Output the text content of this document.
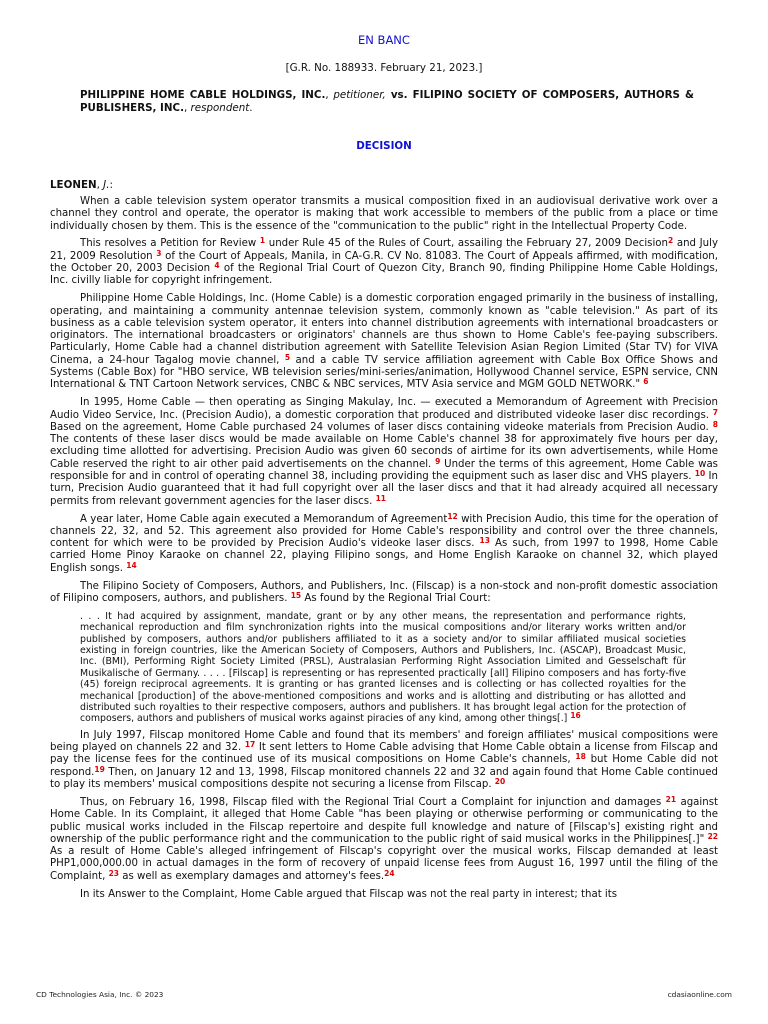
EN BANC
[G.R. No. 188933. February 21, 2023.]
PHILIPPINE HOME CABLE HOLDINGS, INC., petitioner, vs. FILIPINO SOCIETY OF COMPOSERS, AUTHORS & PUBLISHERS, INC., respondent.
DECISION
LEONEN, J.:

When a cable television system operator transmits a musical composition fixed in an audiovisual derivative work over a channel they control and operate, the operator is making that work accessible to members of the public from a place or time individually chosen by them. This is the essence of the "communication to the public" right in the Intellectual Property Code.

This resolves a Petition for Review $^1$ under Rule 45 of the Rules of Court, assailing the February 27, 2009 Decision$^2$ and July 21, 2009 Resolution $^3$ of the Court of Appeals, Manila, in CA-G.R. CV No. 81083. The Court of Appeals affirmed, with modification, the October 20, 2003 Decision $^4$ of the Regional Trial Court of Quezon City, Branch 90, finding Philippine Home Cable Holdings, Inc. civilly liable for copyright infringement.

Philippine Home Cable Holdings, Inc. (Home Cable) is a domestic corporation engaged primarily in the business of installing, operating, and maintaining a community antennae television system, commonly known as "cable television." As part of its business as a cable television system operator, it enters into channel distribution agreements with international broadcasters or originators. The international broadcasters or originators' channels are thus shown to Home Cable's fee-paying subscribers. Particularly, Home Cable had a channel distribution agreement with Satellite Television Asian Region Limited (Star TV) for VIVA Cinema, a 24-hour Tagalog movie channel, $^5$ and a cable TV service affiliation agreement with Cable Box Office Shows and Systems (Cable Box) for "HBO service, WB television series/mini-series/animation, Hollywood Channel service, ESPN service, CNN International & TNT Cartoon Network services, CNBC & NBC services, MTV Asia service and MGM GOLD NETWORK." $^6$

In 1995, Home Cable — then operating as Singing Makulay, Inc. — executed a Memorandum of Agreement with Precision Audio Video Service, Inc. (Precision Audio), a domestic corporation that produced and distributed videoke laser disc recordings. $^7$ Based on the agreement, Home Cable purchased 24 volumes of laser discs containing videoke materials from Precision Audio. $^8$ The contents of these laser discs would be made available on Home Cable's channel 38 for approximately five hours per day, excluding time allotted for advertising. Precision Audio was given 60 seconds of airtime for its own advertisements, while Home Cable reserved the right to air other paid advertisements on the channel. $^9$ Under the terms of this agreement, Home Cable was responsible for and in control of operating channel 38, including providing the equipment such as laser disc and VHS players. $^{10}$ In turn, Precision Audio guaranteed that it had full copyright over all the laser discs and that it had already acquired all necessary permits from relevant government agencies for the laser discs. $^{11}$

A year later, Home Cable again executed a Memorandum of Agreement$^{12}$ with Precision Audio, this time for the operation of channels 22, 32, and 52. This agreement also provided for Home Cable's responsibility and control over the three channels, content for which were to be provided by Precision Audio's videoke laser discs. $^{13}$ As such, from 1997 to 1998, Home Cable carried Home Pinoy Karaoke on channel 22, playing Filipino songs, and Home English Karaoke on channel 32, which played English songs. $^{14}$

The Filipino Society of Composers, Authors, and Publishers, Inc. (Filscap) is a non-stock and non-profit domestic association of Filipino composers, authors, and publishers. $^{15}$ As found by the Regional Trial Court:

. . . It had acquired by assignment, mandate, grant or by any other means, the representation and performance rights, mechanical reproduction and film synchronization rights into the musical compositions and/or literary works written and/or published by composers, authors and/or publishers affiliated to it as a society and/or to similar affiliated musical societies existing in foreign countries, like the American Society of Composers, Authors and Publishers, Inc. (ASCAP), Broadcast Music, Inc. (BMI), Performing Right Society Limited (PRSL), Australasian Performing Right Association Limited and Gesselschaft für Musikalische of Germany. . . . . [Filscap] is representing or has represented practically [all] Filipino composers and has forty-five (45) foreign reciprocal agreements. It is granting or has granted licenses and is collecting or has collected royalties for the mechanical [production] of the above-mentioned compositions and works and is allotting and distributing or has allotted and distributed such royalties to their respective composers, authors and publishers. It has brought legal action for the protection of composers, authors and publishers of musical works against piracies of any kind, among other things[.] $^{16}$

In July 1997, Filscap monitored Home Cable and found that its members' and foreign affiliates' musical compositions were being played on channels 22 and 32. $^{17}$ It sent letters to Home Cable advising that Home Cable obtain a license from Filscap and pay the license fees for the continued use of its musical compositions on Home Cable's channels, $^{18}$ but Home Cable did not respond.$^{19}$ Then, on January 12 and 13, 1998, Filscap monitored channels 22 and 32 and again found that Home Cable continued to play its members' musical compositions despite not securing a license from Filscap. $^{20}$

Thus, on February 16, 1998, Filscap filed with the Regional Trial Court a Complaint for injunction and damages $^{21}$ against Home Cable. In its Complaint, it alleged that Home Cable "has been playing or otherwise performing or communicating to the public musical works included in the Filscap repertoire and despite full knowledge and nature of [Filscap's] existing right and ownership of the public performance right and the communication to the public right of said musical works in the Philippines[.]" $^{22}$ As a result of Home Cable's alleged infringement of Filscap's copyright over the musical works, Filscap demanded at least PHP1,000,000.00 in actual damages in the form of recovery of unpaid license fees from August 16, 1997 until the filing of the Complaint, $^{23}$ as well as exemplary damages and attorney's fees.$^{24}$

In its Answer to the Complaint, Home Cable argued that Filscap was not the real party in interest; that its

CD Technologies Asia, Inc. © 2023	cdasiaonline.com
